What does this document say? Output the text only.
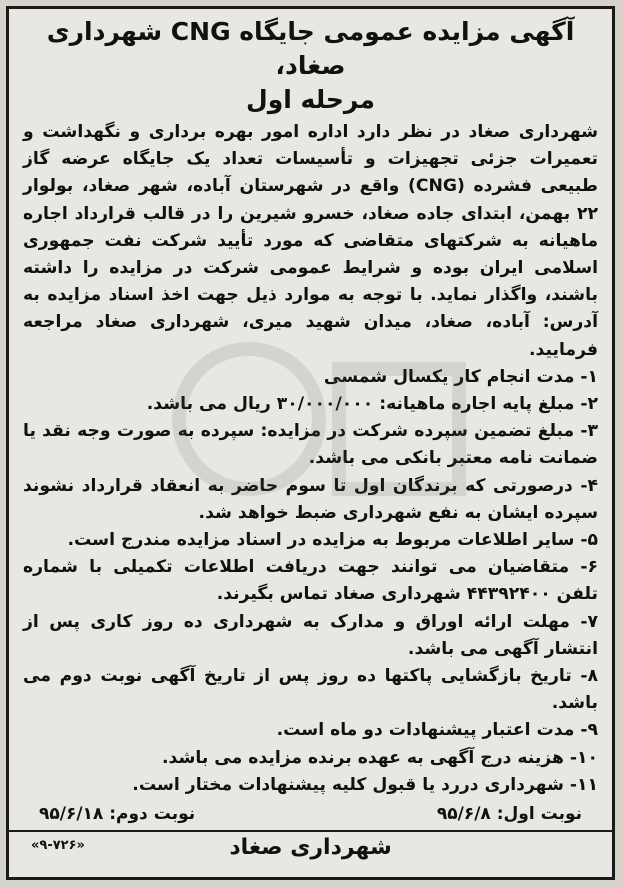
آگهی مزایده عمومی جایگاه CNG شهرداری صغاد،
مرحله اول

شهرداری صغاد در نظر دارد اداره امور بهره برداری و نگهداشت و تعمیرات جزئی تجهیزات و تأسیسات تعداد یک جایگاه عرضه گاز طبیعی فشرده (CNG) واقع در شهرستان آباده، شهر صغاد، بولوار ۲۲ بهمن، ابتدای جاده صغاد، خسرو شیرین را در قالب قرارداد اجاره ماهیانه به شرکتهای متقاضی که مورد تأیید شرکت نفت جمهوری اسلامی ایران بوده و شرایط عمومی شرکت در مزایده را داشته باشند، واگذار نماید. با توجه به موارد ذیل جهت اخذ اسناد مزایده به آدرس: آباده، صغاد، میدان شهید میری، شهرداری صغاد مراجعه فرمایید.

۱- مدت انجام کار یکسال شمسی

۲- مبلغ پایه اجاره ماهیانه: ۳۰/۰۰۰/۰۰۰ ریال می باشد.

۳- مبلغ تضمین سپرده شرکت در مزایده: سپرده به صورت وجه نقد یا ضمانت نامه معتبر بانکی می باشد.

۴- درصورتی که برندگان اول تا سوم حاضر به انعقاد قرارداد نشوند سپرده ایشان به نفع شهرداری ضبط خواهد شد.

۵- سایر اطلاعات مربوط به مزایده در اسناد مزایده مندرج است.

۶- متقاضیان می توانند جهت دریافت اطلاعات تکمیلی با شماره تلفن ۴۴۳۹۲۴۰۰ شهرداری صغاد تماس بگیرند.

۷- مهلت ارائه اوراق و مدارک به شهرداری ده روز کاری پس از انتشار آگهی می باشد.

۸- تاریخ بازگشایی پاکتها ده روز پس از تاریخ آگهی نوبت دوم می باشد.

۹- مدت اعتبار پیشنهادات دو ماه است.

۱۰- هزینه درج آگهی به عهده برنده مزایده می باشد.

۱۱- شهرداری دررد یا قبول کلیه پیشنهادات مختار است.

نوبت اول: ۹۵/۶/۸
نوبت دوم: ۹۵/۶/۱۸
شهرداری صغاد
«۹-۷۲۶»
